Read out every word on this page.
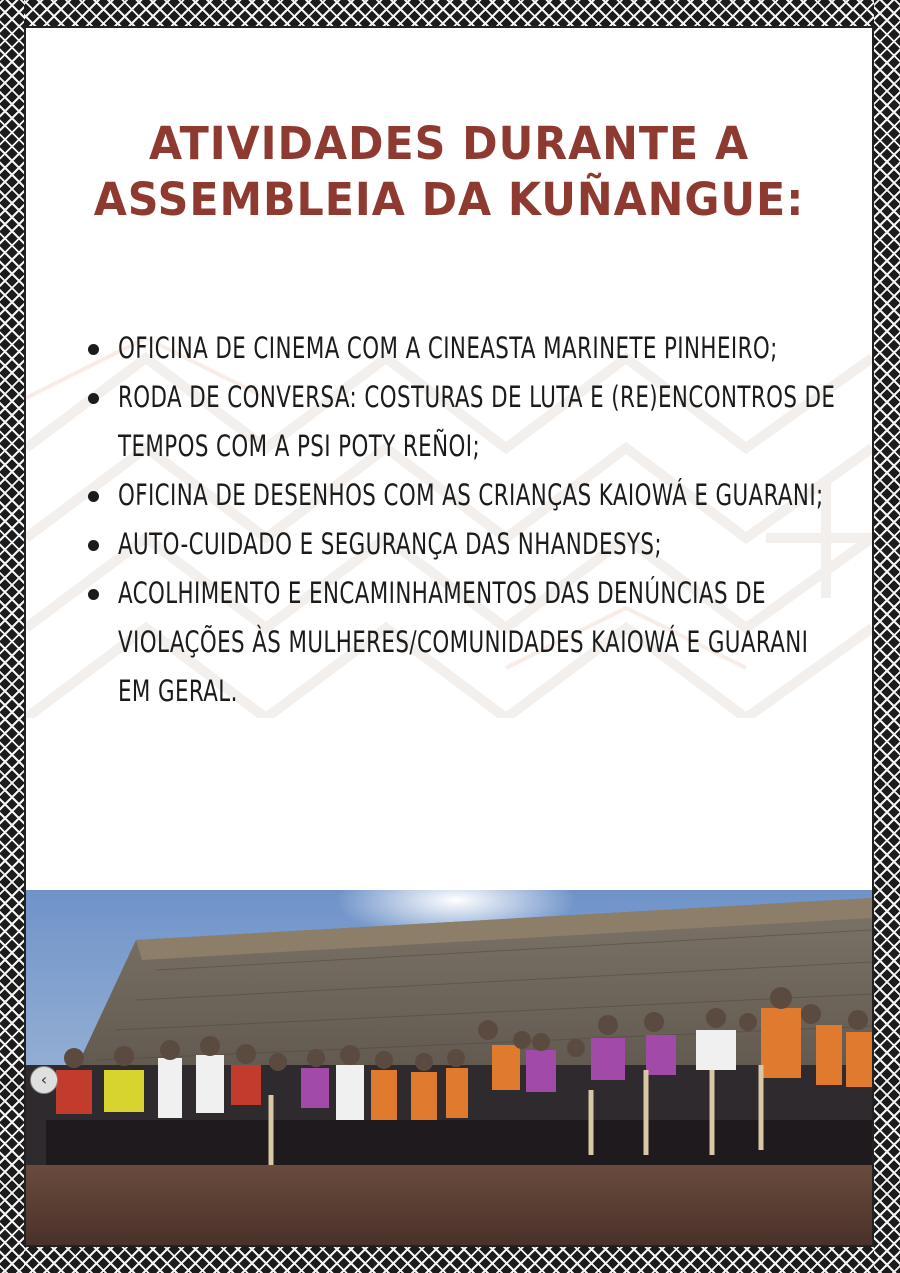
ATIVIDADES DURANTE A
ASSEMBLEIA DA KUÑANGUE:
OFICINA DE CINEMA COM A CINEASTA MARINETE PINHEIRO;
RODA DE CONVERSA: COSTURAS DE LUTA E (RE)ENCONTROS DE TEMPOS COM A PSI POTY REÑOI;
OFICINA DE DESENHOS COM AS CRIANÇAS KAIOWÁ E GUARANI;
AUTO-CUIDADO E SEGURANÇA DAS NHANDESYS;
ACOLHIMENTO E ENCAMINHAMENTOS DAS DENÚNCIAS DE VIOLAÇÕES ÀS MULHERES/COMUNIDADES KAIOWÁ E GUARANI EM GERAL.
‹
